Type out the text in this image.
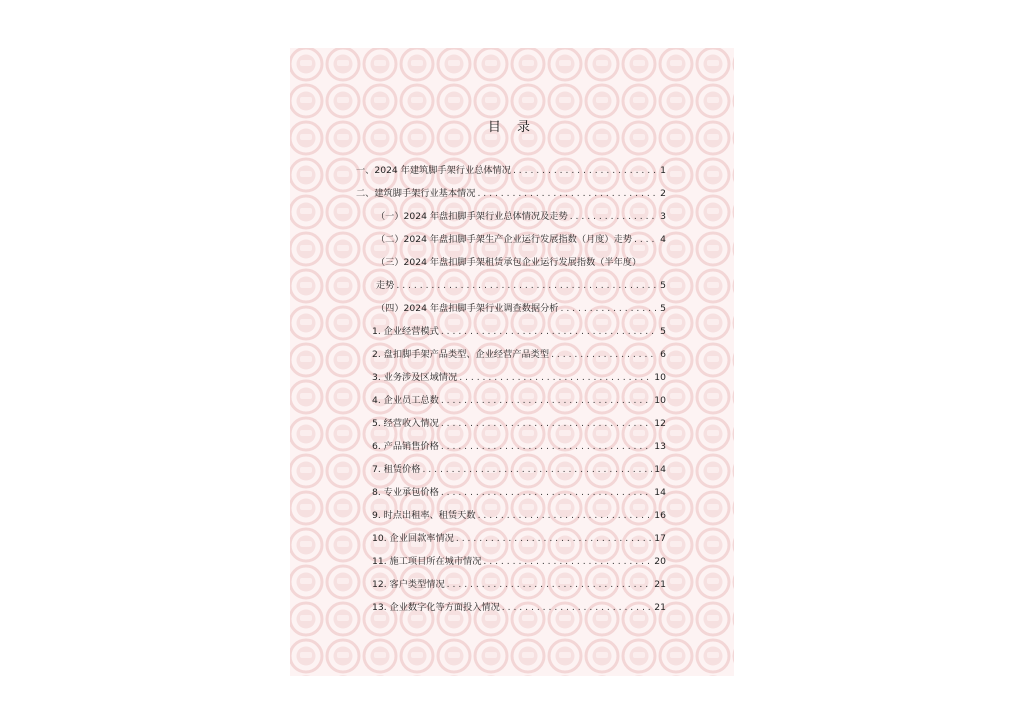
目 录
一、2024 年建筑脚手架行业总体情况 . . .	1
二、建筑脚手架行业基本情况 . . .	2
（一）2024 年盘扣脚手架行业总体情况及走势 . . .	3
（二）2024 年盘扣脚手架生产企业运行发展指数（月度）走势 . . .	4
（三）2024 年盘扣脚手架租赁承包企业运行发展指数（半年度）
走势 . . .	5
（四）2024 年盘扣脚手架行业调查数据分析 . . .	5
1. 企业经营模式 . . .	5
2. 盘扣脚手架产品类型、企业经营产品类型 . . .	6
3. 业务涉及区域情况 . . .	10
4. 企业员工总数 . . .	10
5. 经营收入情况 . . .	12
6. 产品销售价格 . . .	13
7. 租赁价格 . . .	14
8. 专业承包价格 . . .	14
9. 时点出租率、租赁天数 . . .	16
10. 企业回款率情况 . . .	17
11. 施工项目所在城市情况 . . .	20
12. 客户类型情况 . . .	21
13. 企业数字化等方面投入情况 . . .	21
